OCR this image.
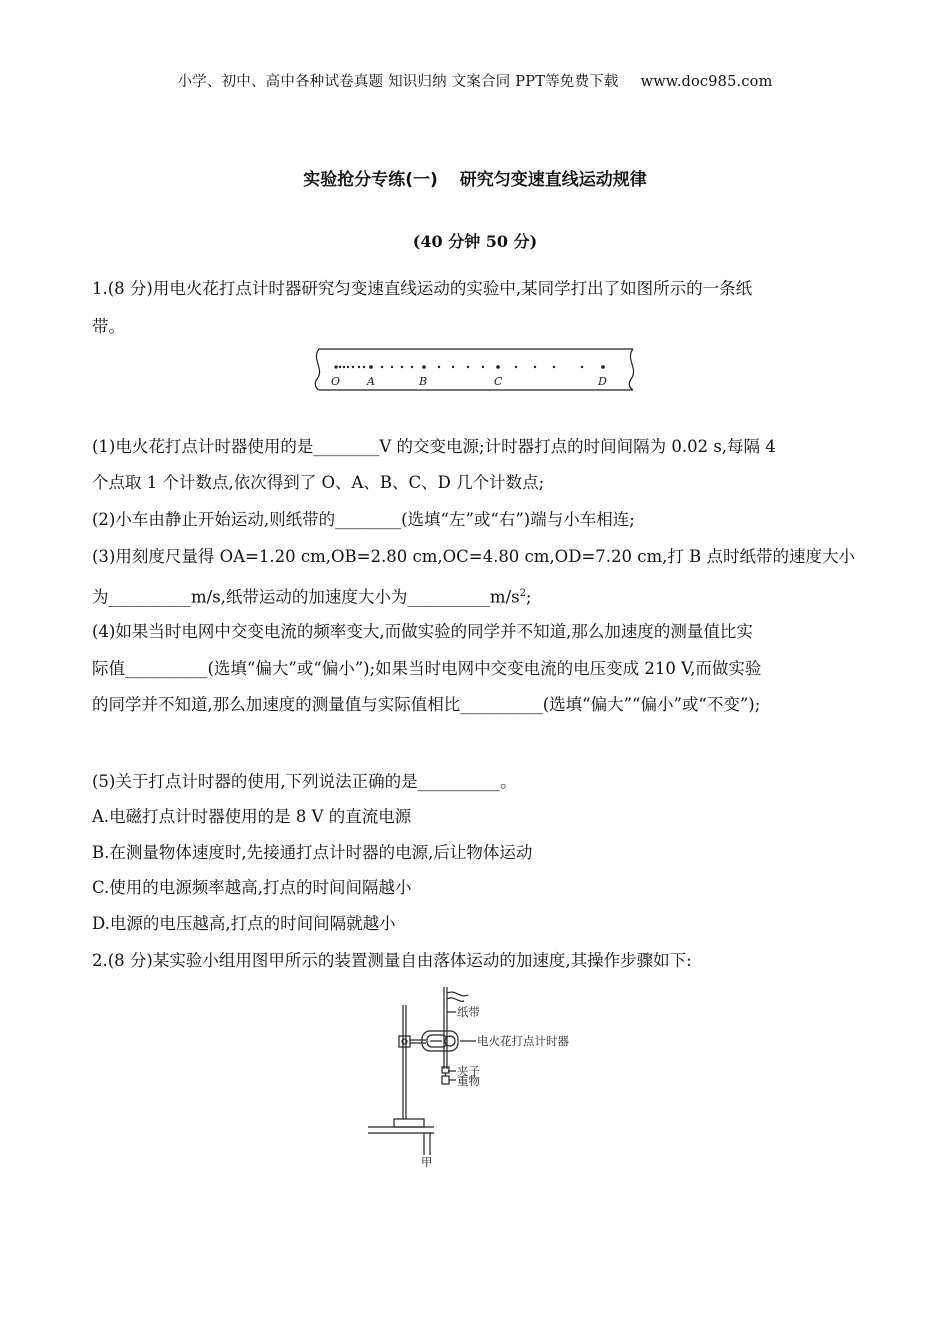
小学、初中、高中各种试卷真题 知识归纳 文案合同 PPT等免费下载 www.doc985.com
实验抢分专练(一) 研究匀变速直线运动规律
(40 分钟 50 分)
1.(8 分)用电火花打点计时器研究匀变速直线运动的实验中,某同学打出了如图所示的一条纸
带。
O A	B	C	D
(1)电火花打点计时器使用的是________V 的交变电源;计时器打点的时间间隔为 0.02 s,每隔 4
个点取 1 个计数点,依次得到了 O、A、B、C、D 几个计数点;
(2)小车由静止开始运动,则纸带的________(选填“左”或“右”)端与小车相连;
(3)用刻度尺量得 OA=1.20 cm,OB=2.80 cm,OC=4.80 cm,OD=7.20 cm,打 B 点时纸带的速度大小
为__________m/s,纸带运动的加速度大小为$\_\_\_\_\_\_\_\_\_\_m/s^2$;
(4)如果当时电网中交变电流的频率变大,而做实验的同学并不知道,那么加速度的测量值比实
际值__________(选填“偏大”或“偏小”);如果当时电网中交变电流的电压变成 210 V,而做实验
的同学并不知道,那么加速度的测量值与实际值相比__________(选填“偏大”“偏小”或“不变”);
(5)关于打点计时器的使用,下列说法正确的是__________。
A.电磁打点计时器使用的是 8 V 的直流电源
B.在测量物体速度时,先接通打点计时器的电源,后让物体运动
C.使用的电源频率越高,打点的时间间隔越小
D.电源的电压越高,打点的时间间隔就越小
2.(8 分)某实验小组用图甲所示的装置测量自由落体运动的加速度,其操作步骤如下:
纸带
电火花打点计时器
夹子
重物
甲
